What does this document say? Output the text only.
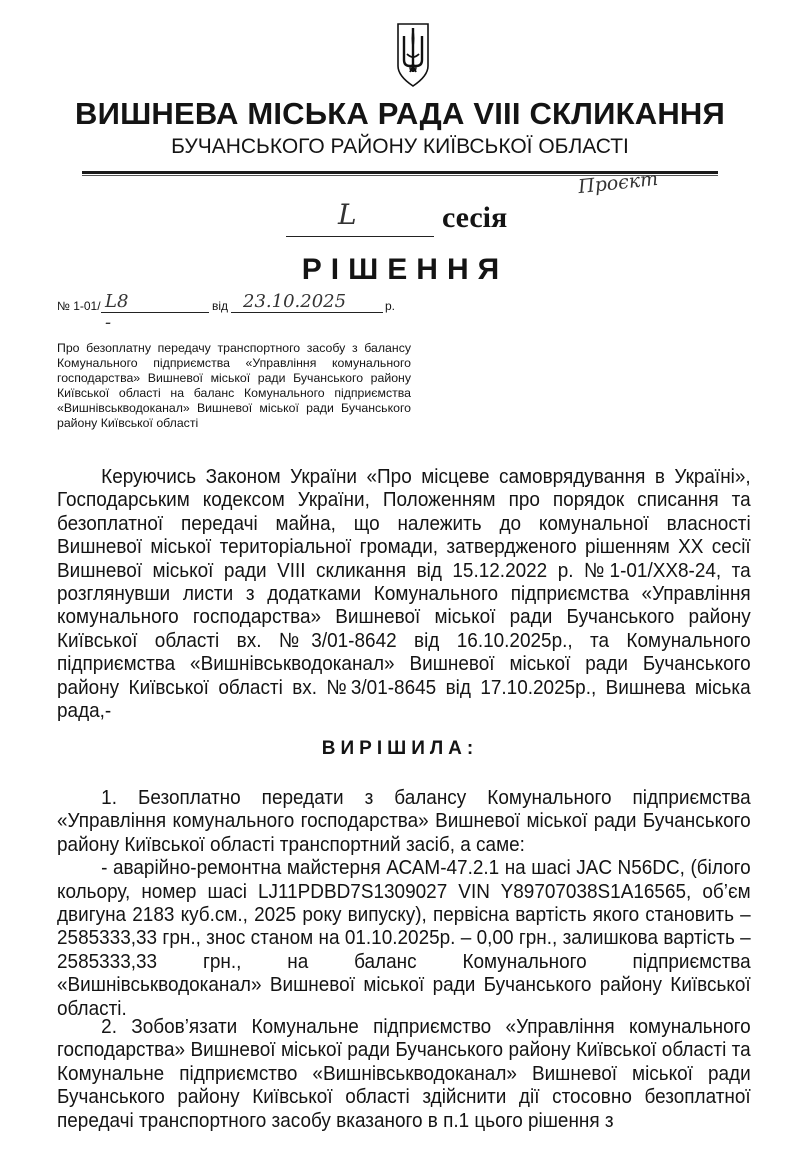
ВИШНЕВА МІСЬКА РАДА VIII СКЛИКАННЯ
БУЧАНСЬКОГО РАЙОНУ КИЇВСЬКОЇ ОБЛАСТІ
Проєкт
L	сесія
РІШЕННЯ
№ 1-01/ L8 -
від 23.10.2025	р.
Про безоплатну передачу транспортного засобу з балансу Комунального підприємства «Управління комунального господарства» Вишневої міської ради Бучанського району Київської області на баланс Комунального підприємства «Вишнівськводоканал» Вишневої міської ради Бучанського району Київської області

Керуючись Законом України «Про місцеве самоврядування в Україні», Господарським кодексом України, Положенням про порядок списання та безоплатної передачі майна, що належить до комунальної власності Вишневої міської територіальної громади, затвердженого рішенням XX сесії Вишневої міської ради VIII скликання від 15.12.2022 р. №1-01/XX8-24, та розглянувши листи з додатками Комунального підприємства «Управління комунального господарства» Вишневої міської ради Бучанського району Київської області вх. №3/01-8642 від 16.10.2025р., та Комунального підприємства «Вишнівськводоканал» Вишневої міської ради Бучанського району Київської області вх. №3/01-8645 від 17.10.2025р., Вишнева міська рада,-

ВИРІШИЛА:

1. Безоплатно передати з балансу Комунального підприємства «Управління комунального господарства» Вишневої міської ради Бучанського району Київської області транспортний засіб, а саме:

- аварійно-ремонтна майстерня АСАМ-47.2.1 на шасі JAC N56DC, (білого кольору, номер шасі LJ11PDBD7S1309027 VIN Y89707038S1A16565, об’єм двигуна 2183 куб.см., 2025 року випуску), первісна вартість якого становить – 2585333,33 грн., знос станом на 01.10.2025р. – 0,00 грн., залишкова вартість – 2585333,33 грн., на баланс Комунального підприємства «Вишнівськводоканал» Вишневої міської ради Бучанського району Київської області.

2. Зобов’язати Комунальне підприємство «Управління комунального господарства» Вишневої міської ради Бучанського району Київської області та Комунальне підприємство «Вишнівськводоканал» Вишневої міської ради Бучанського району Київської області здійснити дії стосовно безоплатної передачі транспортного засобу вказаного в п.1 цього рішення з
